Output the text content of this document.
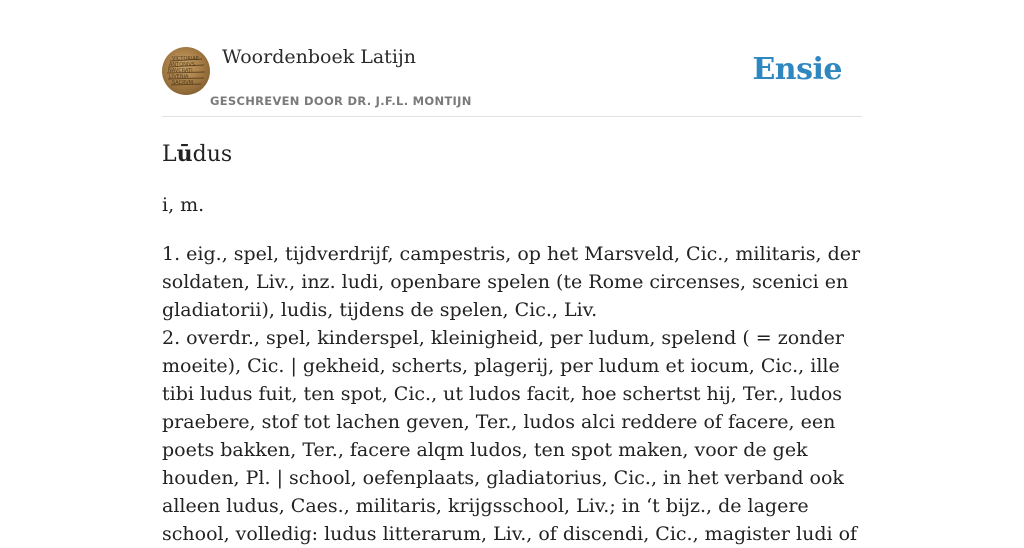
VICTORIAE
ANTONIVS
NAVCRATI
LIVENIA
SACRVM
Woordenboek Latijn
GESCHREVEN DOOR DR. J.F.L. MONTIJN
Ensie
Lūdus

i, m.

1. eig., spel, tijdverdrijf, campestris, op het Marsveld, Cic., militaris, der soldaten, Liv., inz. ludi, openbare spelen (te Rome circenses, scenici en gladiatorii), ludis, tijdens de spelen, Cic., Liv.

2. overdr., spel, kinderspel, kleinigheid, per ludum, spelend ( = zonder moeite), Cic. | gekheid, scherts, plagerij, per ludum et iocum, Cic., ille tibi ludus fuit, ten spot, Cic., ut ludos facit, hoe schertst hij, Ter., ludos praebere, stof tot lachen geven, Ter., ludos alci reddere of facere, een poets bakken, Ter., facere alqm ludos, ten spot maken, voor de gek houden, Pl. | school, oefenplaats, gladiatorius, Cic., in het verband ook alleen ludus, Caes., militaris, krijgsschool, Liv.; in ‘t bijz., de lagere school, volledig: ludus litterarum, Liv., of discendi, Cic., magister ludi of
